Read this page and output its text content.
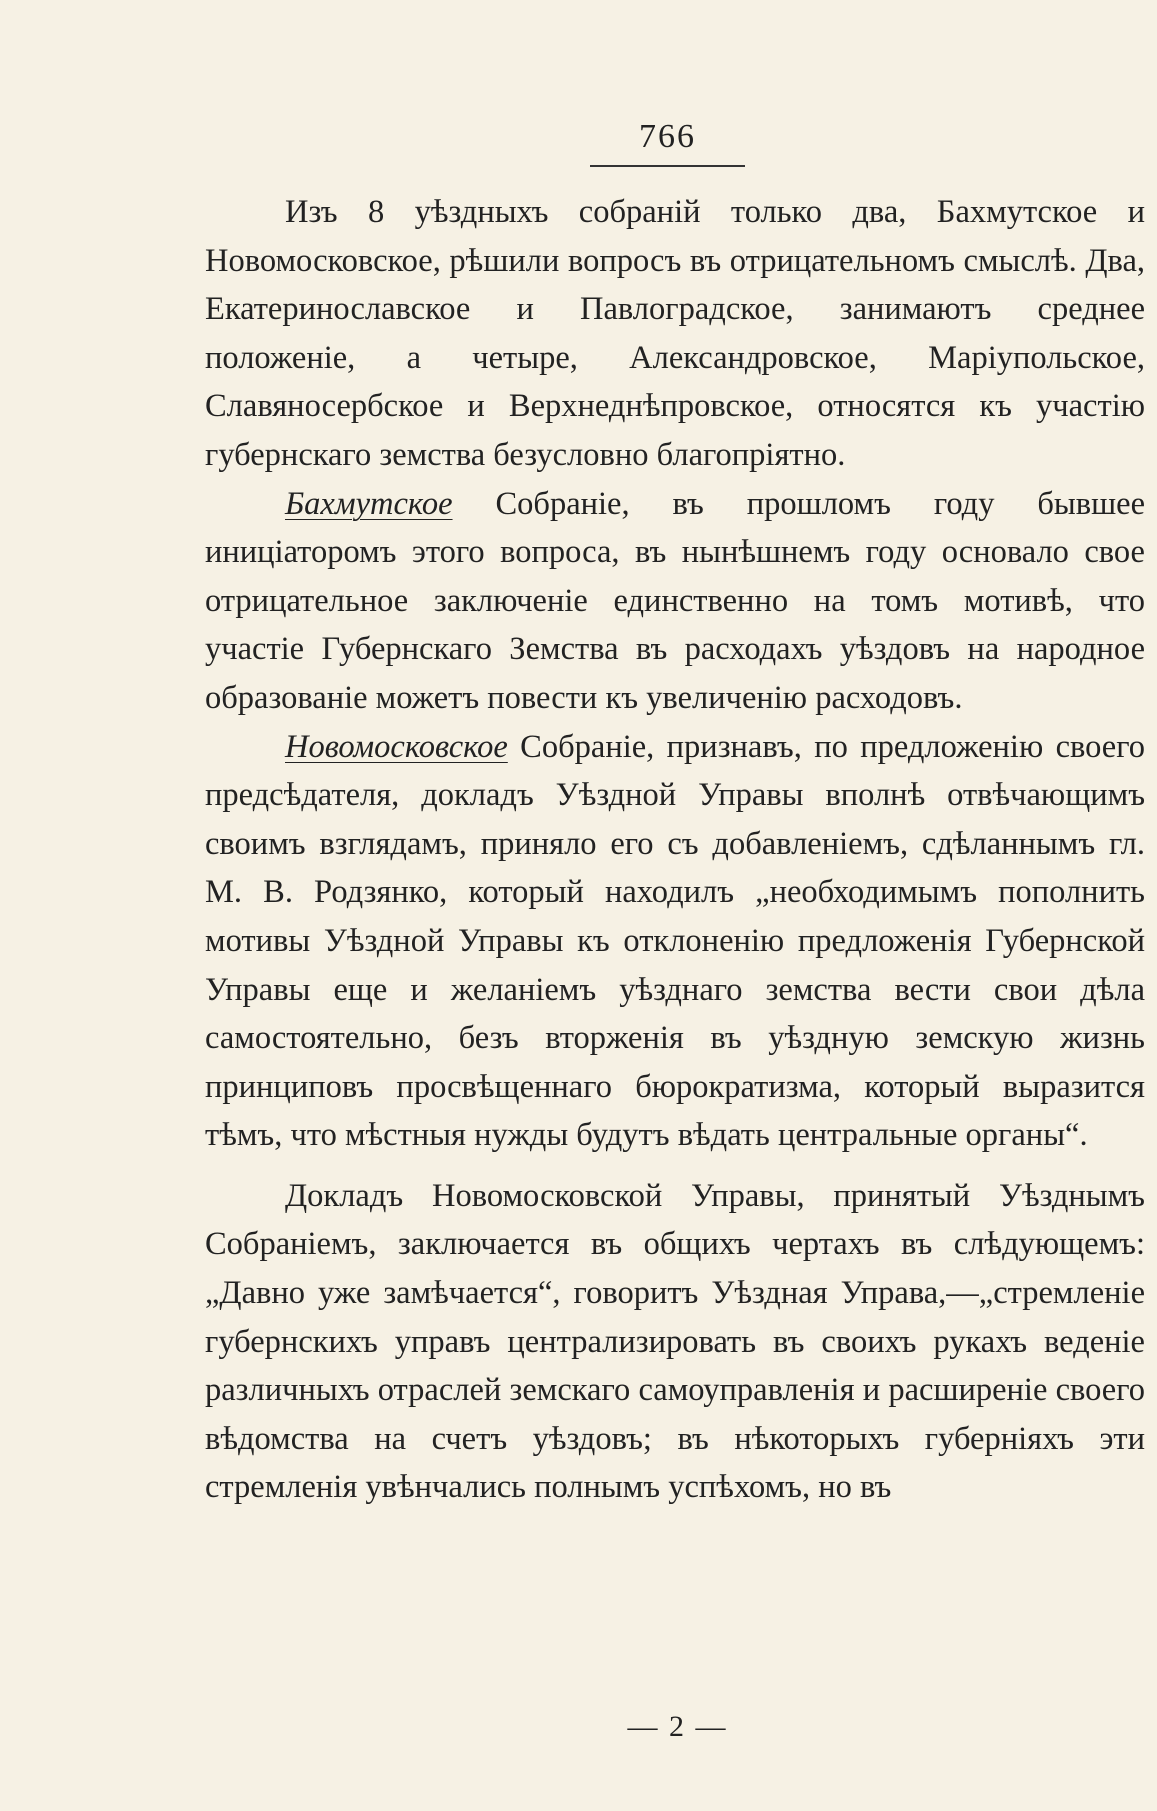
766

Изъ 8 уѣздныхъ собраній только два, Бахмутское и Новомосковское, рѣшили вопросъ въ отрицательномъ смыслѣ. Два, Екатеринославское и Павлоградское, занимаютъ среднее положеніе, а четыре, Александровское, Маріупольское, Славяносербское и Верхнеднѣпровское, относятся къ участію губернскаго земства безусловно благопріятно.

Бахмутское Собраніе, въ прошломъ году бывшее иниціаторомъ этого вопроса, въ нынѣшнемъ году основало свое отрицательное заключеніе единственно на томъ мотивѣ, что участіе Губернскаго Земства въ расходахъ уѣздовъ на народное образованіе можетъ повести къ увеличенію расходовъ.

Новомосковское Собраніе, признавъ, по предложенію своего предсѣдателя, докладъ Уѣздной Управы вполнѣ отвѣчающимъ своимъ взглядамъ, приняло его съ добавленіемъ, сдѣланнымъ гл. М. В. Родзянко, который находилъ „необходимымъ пополнить мотивы Уѣздной Управы къ отклоненію предложенія Губернской Управы еще и желаніемъ уѣзднаго земства вести свои дѣла самостоятельно, безъ вторженія въ уѣздную земскую жизнь принциповъ просвѣщеннаго бюрократизма, который выразится тѣмъ, что мѣстныя нужды будутъ вѣдать центральные органы“.

Докладъ Новомосковской Управы, принятый Уѣзднымъ Собраніемъ, заключается въ общихъ чертахъ въ слѣдующемъ: „Давно уже замѣчается“, говоритъ Уѣздная Управа,—„стремленіе губернскихъ управъ централизировать въ своихъ рукахъ веденіе различныхъ отраслей земскаго самоуправленія и расширеніе своего вѣдомства на счетъ уѣздовъ; въ нѣкоторыхъ губерніяхъ эти стремленія увѣнчались полнымъ успѣхомъ, но въ

— 2 —
